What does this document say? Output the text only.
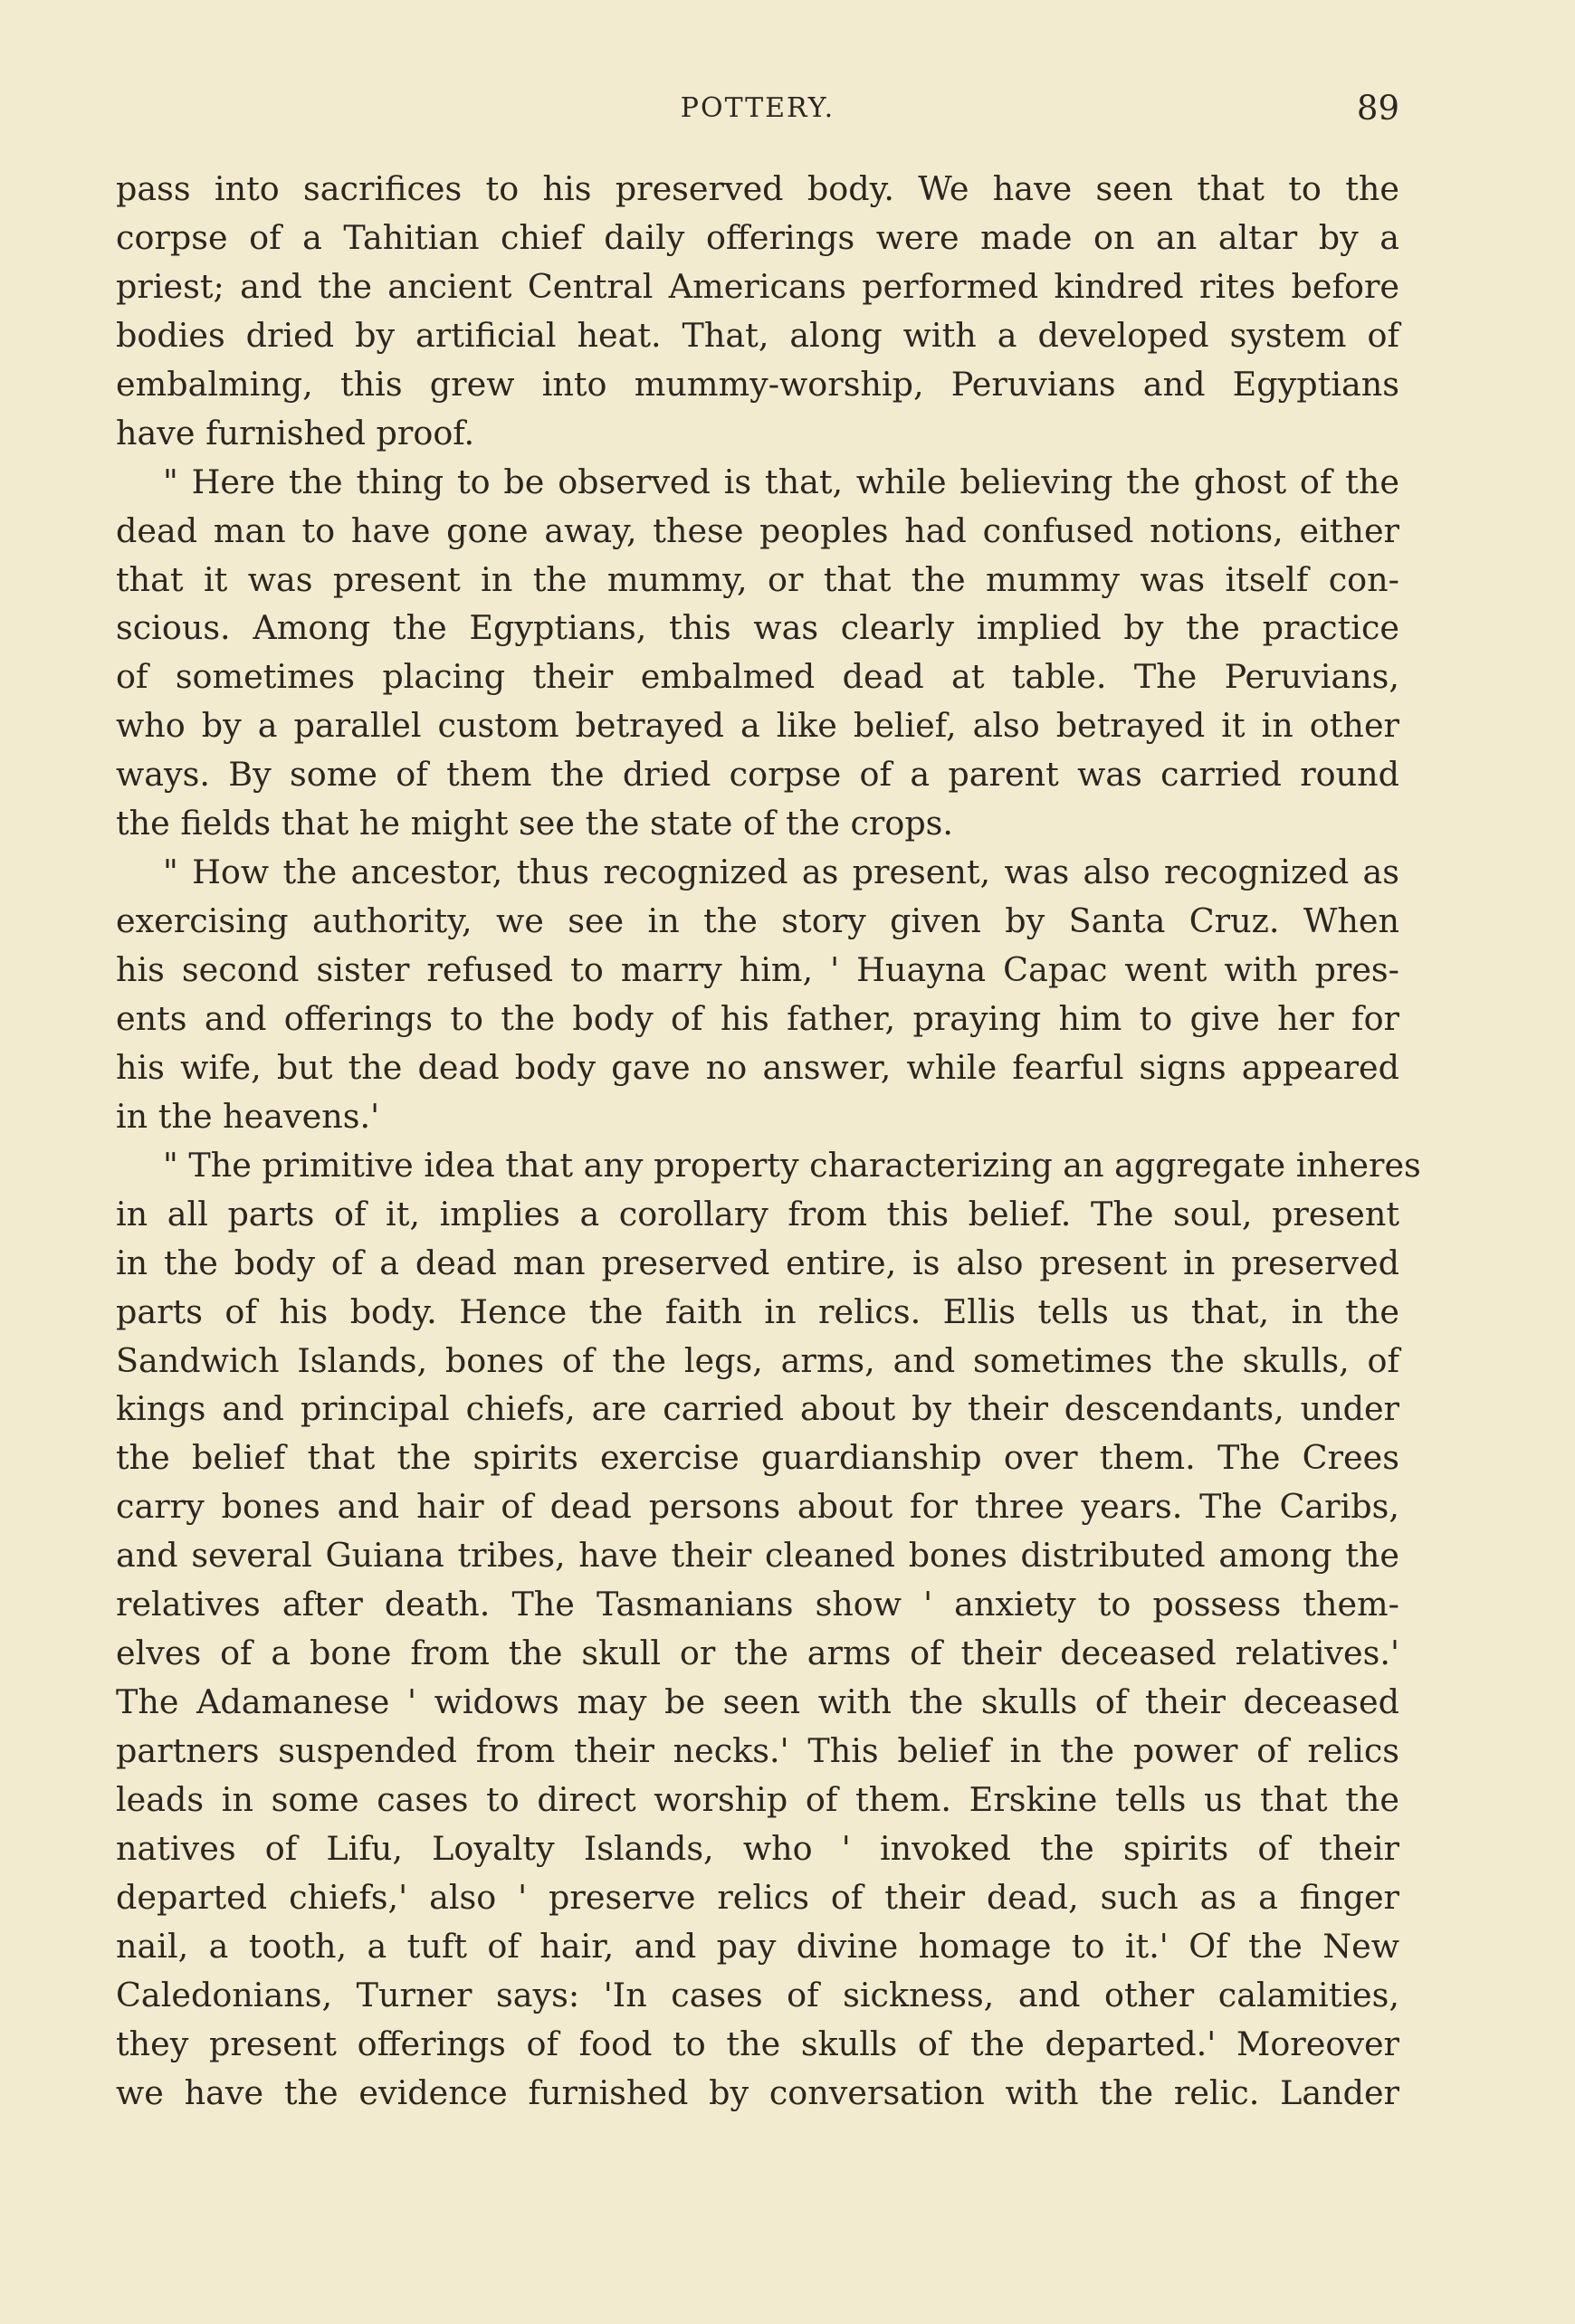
POTTERY.	89
pass into sacrifices to his preserved body. We have seen that to the
corpse of a Tahitian chief daily offerings were made on an altar by a
priest; and the ancient Central Americans performed kindred rites before
bodies dried by artificial heat. That, along with a developed system of
embalming, this grew into mummy-worship, Peruvians and Egyptians
have furnished proof.
" Here the thing to be observed is that, while believing the ghost of the
dead man to have gone away, these peoples had confused notions, either
that it was present in the mummy, or that the mummy was itself con-
scious. Among the Egyptians, this was clearly implied by the practice
of sometimes placing their embalmed dead at table. The Peruvians,
who by a parallel custom betrayed a like belief, also betrayed it in other
ways. By some of them the dried corpse of a parent was carried round
the fields that he might see the state of the crops.
" How the ancestor, thus recognized as present, was also recognized as
exercising authority, we see in the story given by Santa Cruz. When
his second sister refused to marry him, ' Huayna Capac went with pres-
ents and offerings to the body of his father, praying him to give her for
his wife, but the dead body gave no answer, while fearful signs appeared
in the heavens.'
" The primitive idea that any property characterizing an aggregate inheres
in all parts of it, implies a corollary from this belief. The soul, present
in the body of a dead man preserved entire, is also present in preserved
parts of his body. Hence the faith in relics. Ellis tells us that, in the
Sandwich Islands, bones of the legs, arms, and sometimes the skulls, of
kings and principal chiefs, are carried about by their descendants, under
the belief that the spirits exercise guardianship over them. The Crees
carry bones and hair of dead persons about for three years. The Caribs,
and several Guiana tribes, have their cleaned bones distributed among the
relatives after death. The Tasmanians show ' anxiety to possess them-
elves of a bone from the skull or the arms of their deceased relatives.'
The Adamanese ' widows may be seen with the skulls of their deceased
partners suspended from their necks.' This belief in the power of relics
leads in some cases to direct worship of them. Erskine tells us that the
natives of Lifu, Loyalty Islands, who ' invoked the spirits of their
departed chiefs,' also ' preserve relics of their dead, such as a finger
nail, a tooth, a tuft of hair, and pay divine homage to it.' Of the New
Caledonians, Turner says: 'In cases of sickness, and other calamities,
they present offerings of food to the skulls of the departed.' Moreover
we have the evidence furnished by conversation with the relic. Lander
